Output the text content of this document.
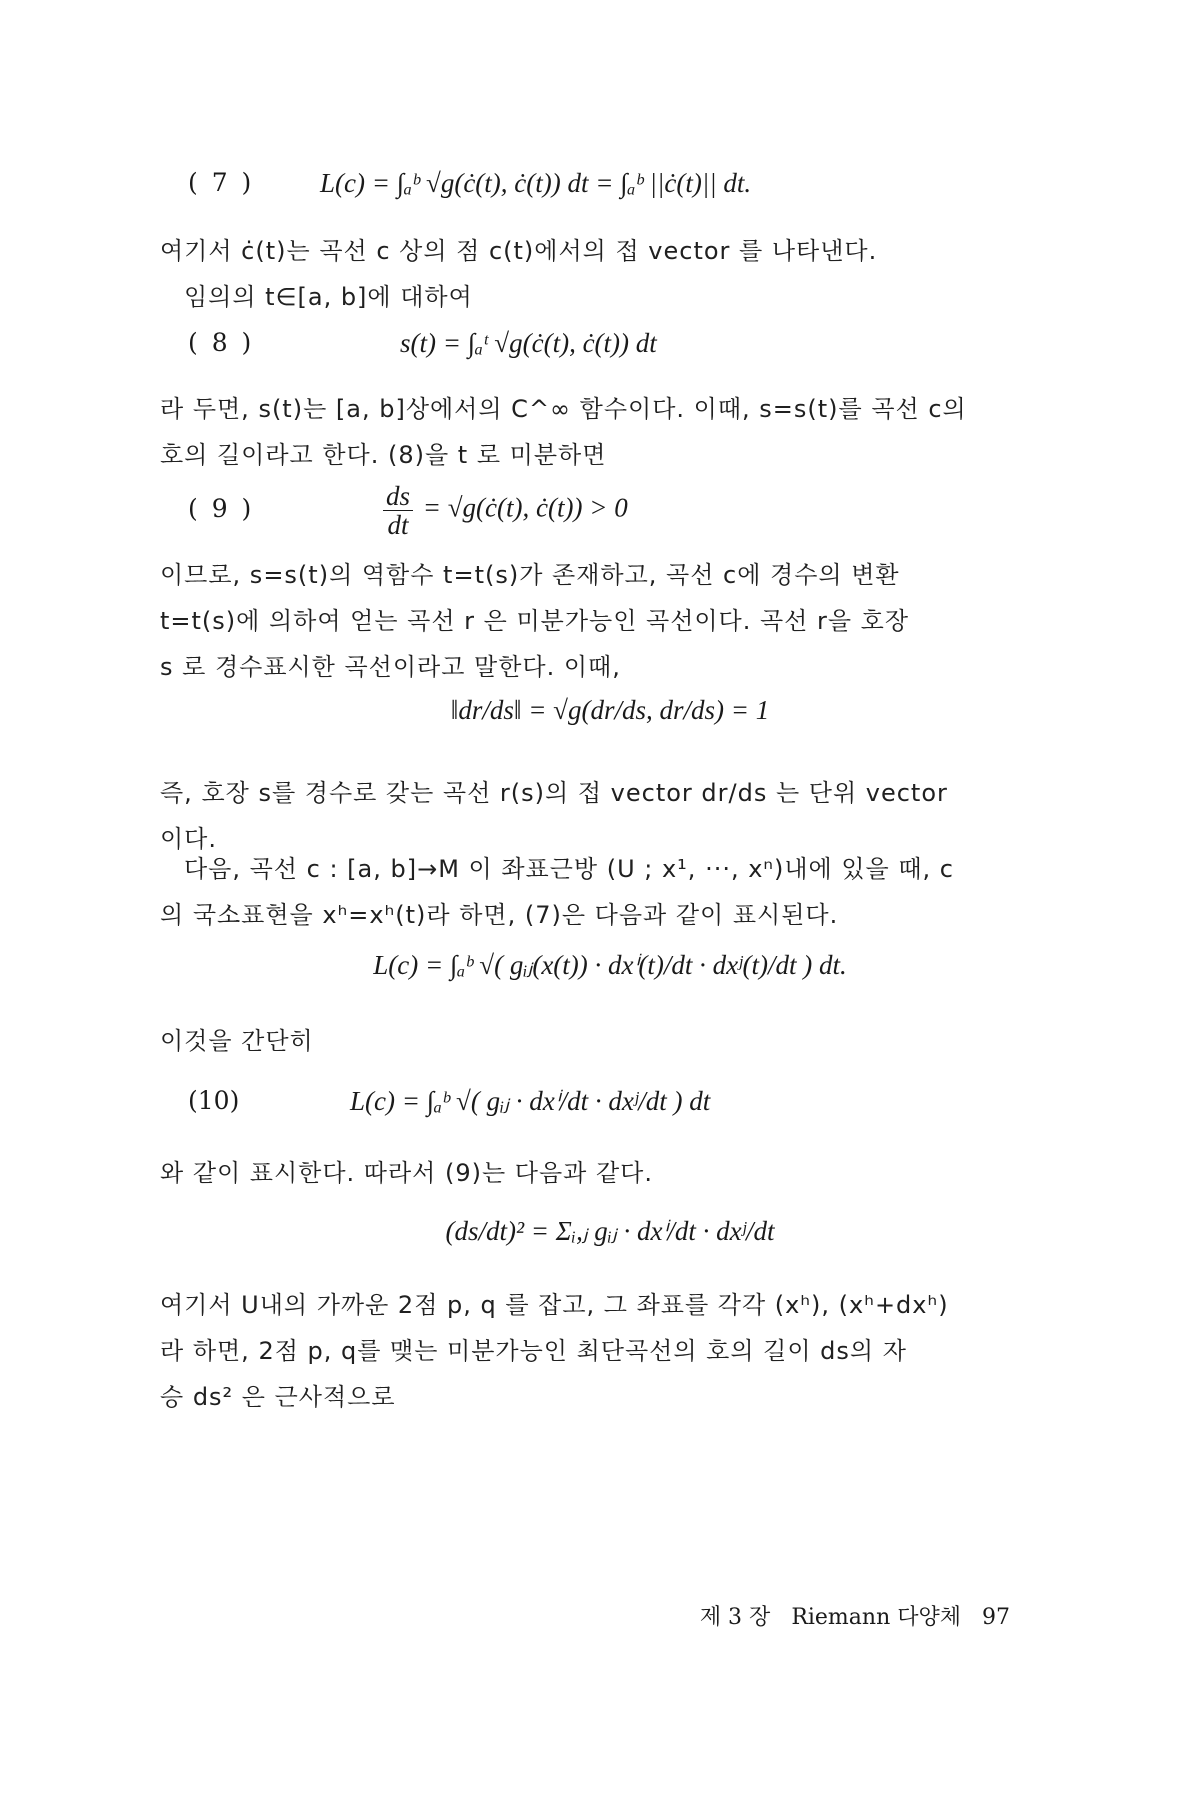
( 7 ) L(c) = ∫ₐᵇ √g(ċ(t), ċ(t)) dt = ∫ₐᵇ ||ċ(t)|| dt.

여기서 ċ(t)는 곡선 c 상의 점 c(t)에서의 접 vector 를 나타낸다.

임의의 t∈[a, b]에 대하여

( 8 )	s(t) = ∫ₐᵗ √g(ċ(t), ċ(t)) dt

라 두면, s(t)는 [a, b]상에서의 C^∞ 함수이다. 이때, s=s(t)를 곡선 c의

호의 길이라고 한다. (8)을 t 로 미분하면

( 9 )	$\frac{ds}{dt}$ = √g(ċ(t), ċ(t)) > 0

이므로, s=s(t)의 역함수 t=t(s)가 존재하고, 곡선 c에 경수의 변환

t=t(s)에 의하여 얻는 곡선 r 은 미분가능인 곡선이다. 곡선 r을 호장

s 로 경수표시한 곡선이라고 말한다. 이때,

‖dr/ds‖ = √g(dr/ds, dr/ds) = 1

즉, 호장 s를 경수로 갖는 곡선 r(s)의 접 vector dr/ds 는 단위 vector

이다.

다음, 곡선 c : [a, b]→M 이 좌표근방 (U ; x¹, ···, xⁿ)내에 있을 때, c

의 국소표현을 xʰ=xʰ(t)라 하면, (7)은 다음과 같이 표시된다.

L(c) = ∫ₐᵇ √( gᵢⱼ(x(t)) · dxⁱ(t)/dt · dxʲ(t)/dt ) dt.

이것을 간단히

(10)	L(c) = ∫ₐᵇ √( gᵢⱼ · dxⁱ/dt · dxʲ/dt ) dt

와 같이 표시한다. 따라서 (9)는 다음과 같다.

(ds/dt)² = Σᵢ,ⱼ gᵢⱼ · dxⁱ/dt · dxʲ/dt

여기서 U내의 가까운 2점 p, q 를 잡고, 그 좌표를 각각 (xʰ), (xʰ+dxʰ)

라 하면, 2점 p, q를 맺는 미분가능인 최단곡선의 호의 길이 ds의 자

승 ds² 은 근사적으로

제 3 장 Riemann 다양체 97
